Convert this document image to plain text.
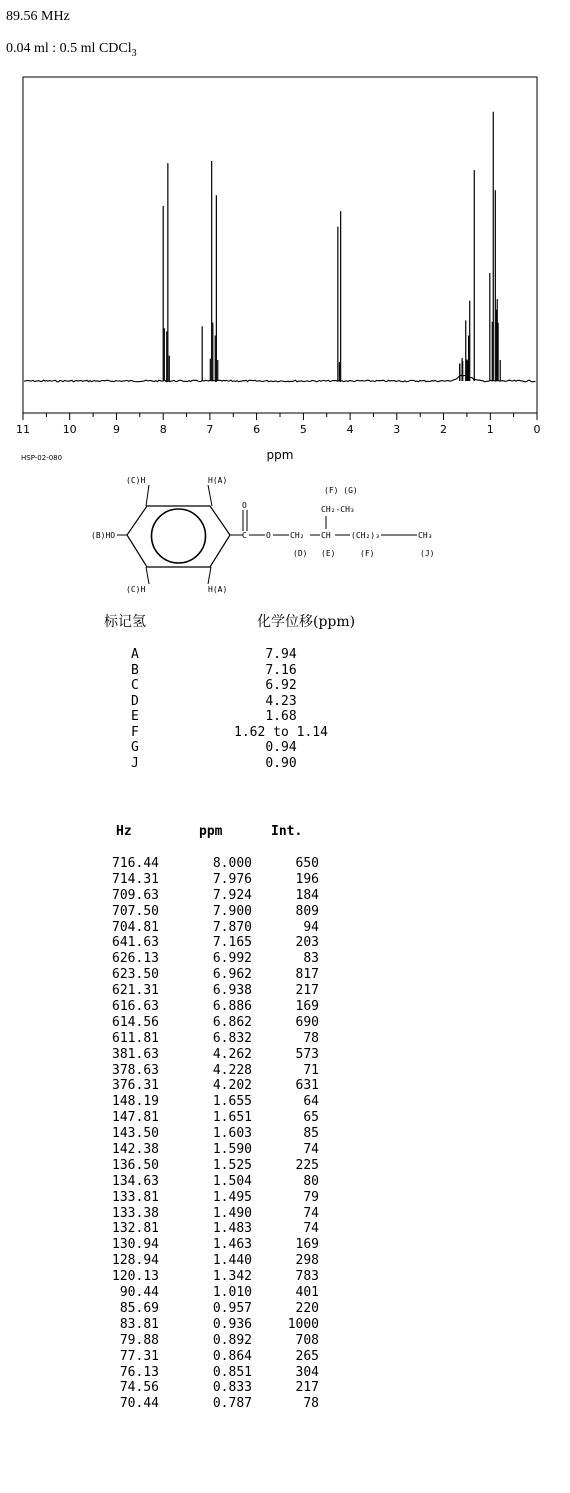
89.56 MHz
0.04 ml : 0.5 ml CDCl$_3$
11	10	9	8	7	6	5	4	3	2	1	0
ppm
HSP-02-080
(C)H	H(A)
(B)HO
O
C O CH₂ CH	(CH₂)₃	CH₃
CH₂-CH₃
(F) (G)
(D) (E)	(F)	(J)
(C)H	H(A)
标记氢	化学位移(ppm)
A	7.94
B	7.16
C	6.92
D	4.23
E	1.68
F	1.62 to 1.14
G	0.94
J	0.90
Hz	ppm	Int.
716.44	8.000	650
714.31	7.976	196
709.63	7.924	184
707.50	7.900	809
704.81	7.870	94
641.63	7.165	203
626.13	6.992	83
623.50	6.962	817
621.31	6.938	217
616.63	6.886	169
614.56	6.862	690
611.81	6.832	78
381.63	4.262	573
378.63	4.228	71
376.31	4.202	631
148.19	1.655	64
147.81	1.651	65
143.50	1.603	85
142.38	1.590	74
136.50	1.525	225
134.63	1.504	80
133.81	1.495	79
133.38	1.490	74
132.81	1.483	74
130.94	1.463	169
128.94	1.440	298
120.13	1.342	783
90.44	1.010	401
85.69	0.957	220
83.81	0.936	1000
79.88	0.892	708
77.31	0.864	265
76.13	0.851	304
74.56	0.833	217
70.44	0.787	78
